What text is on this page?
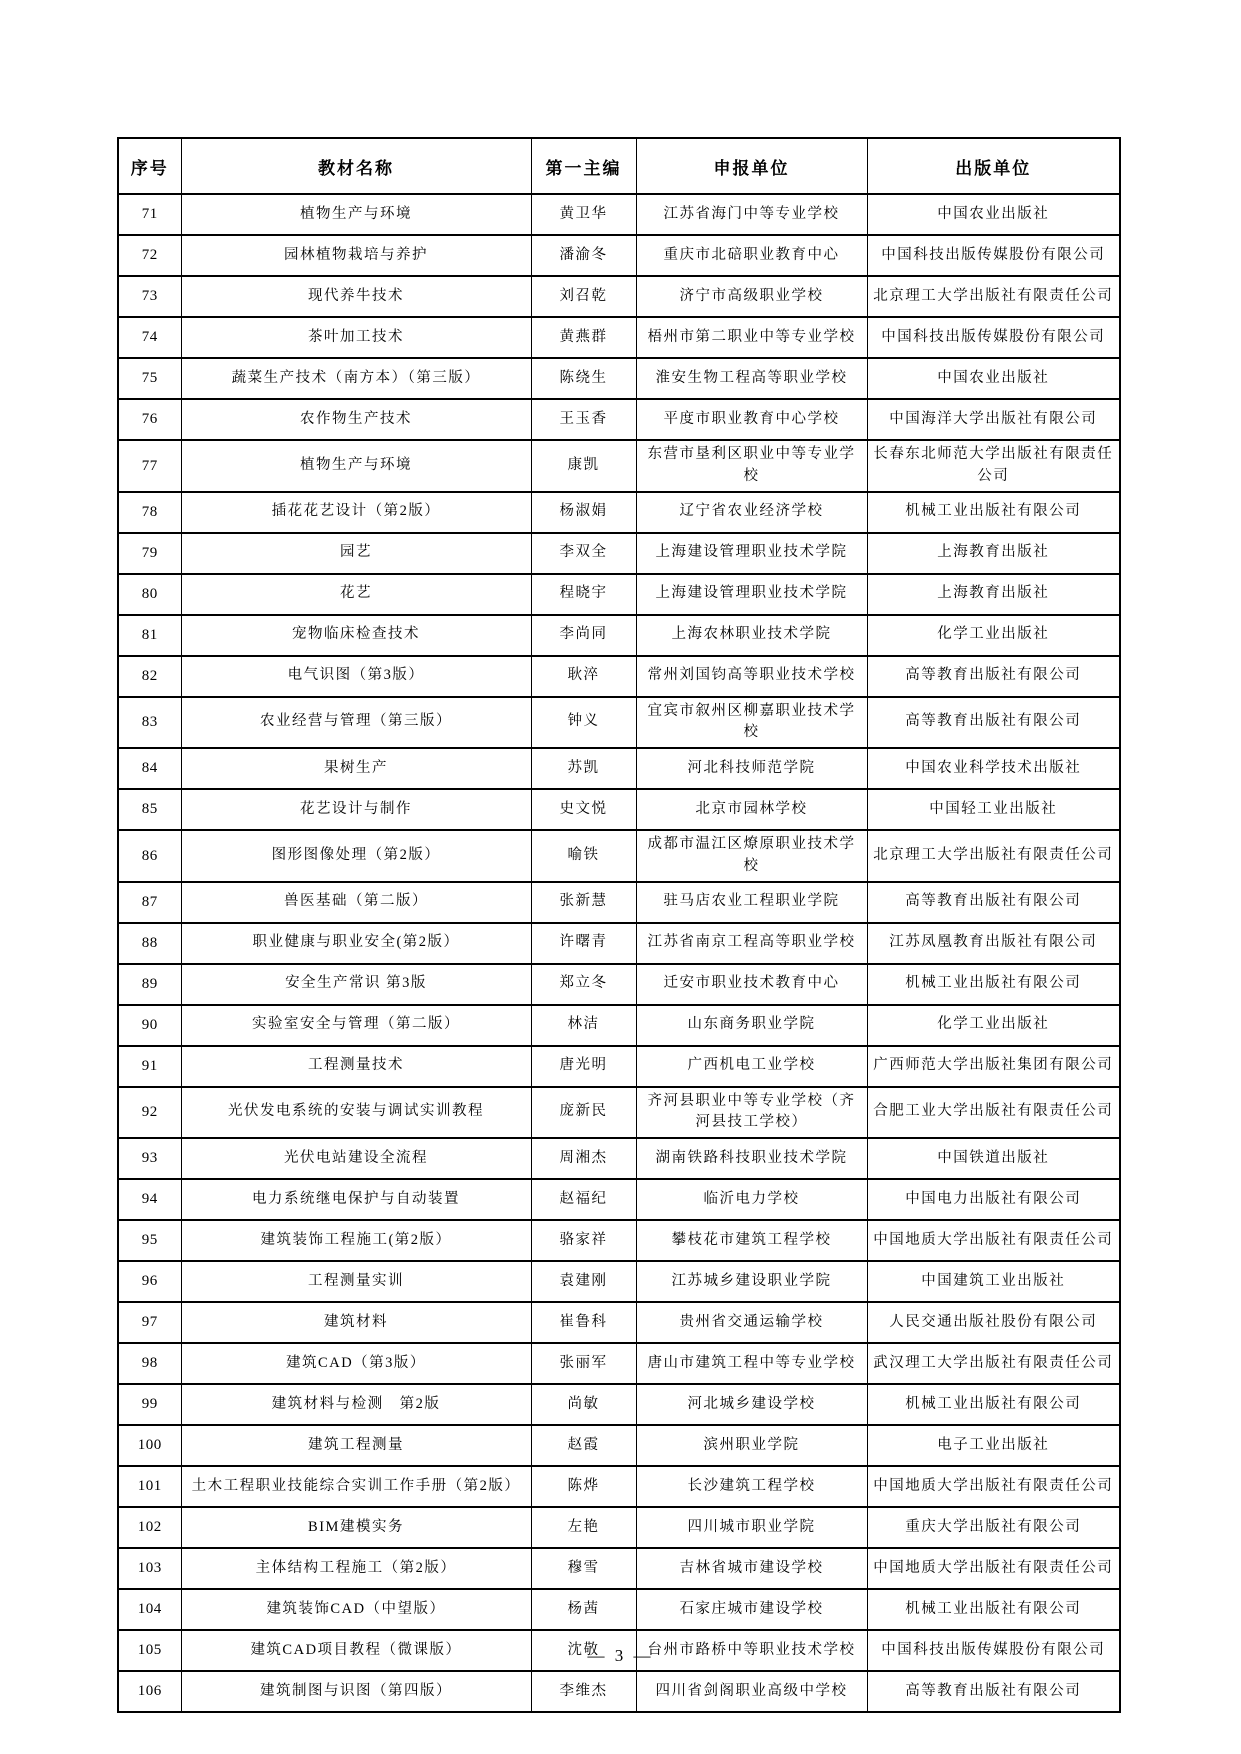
序号	教材名称	第一主编	申报单位	出版单位
71	植物生产与环境	黄卫华	江苏省海门中等专业学校	中国农业出版社
72	园林植物栽培与养护	潘渝冬	重庆市北碚职业教育中心	中国科技出版传媒股份有限公司
73	现代养牛技术	刘召乾	济宁市高级职业学校	北京理工大学出版社有限责任公司
74	茶叶加工技术	黄燕群	梧州市第二职业中等专业学校	中国科技出版传媒股份有限公司
75	蔬菜生产技术（南方本）（第三版）	陈绕生	淮安生物工程高等职业学校	中国农业出版社
76	农作物生产技术	王玉香	平度市职业教育中心学校	中国海洋大学出版社有限公司
77	植物生产与环境	康凯	东营市垦利区职业中等专业学校	长春东北师范大学出版社有限责任公司
78	插花花艺设计（第2版）	杨淑娟	辽宁省农业经济学校	机械工业出版社有限公司
79	园艺	李双全	上海建设管理职业技术学院	上海教育出版社
80	花艺	程晓宇	上海建设管理职业技术学院	上海教育出版社
81	宠物临床检查技术	李尚同	上海农林职业技术学院	化学工业出版社
82	电气识图（第3版）	耿淬	常州刘国钧高等职业技术学校	高等教育出版社有限公司
83	农业经营与管理（第三版）	钟义	宜宾市叙州区柳嘉职业技术学校	高等教育出版社有限公司
84	果树生产	苏凯	河北科技师范学院	中国农业科学技术出版社
85	花艺设计与制作	史文悦	北京市园林学校	中国轻工业出版社
86	图形图像处理（第2版）	喻铁	成都市温江区燎原职业技术学校	北京理工大学出版社有限责任公司
87	兽医基础（第二版）	张新慧	驻马店农业工程职业学院	高等教育出版社有限公司
88	职业健康与职业安全(第2版）	许曙青	江苏省南京工程高等职业学校	江苏凤凰教育出版社有限公司
89	安全生产常识 第3版	郑立冬	迁安市职业技术教育中心	机械工业出版社有限公司
90	实验室安全与管理（第二版）	林洁	山东商务职业学院	化学工业出版社
91	工程测量技术	唐光明	广西机电工业学校	广西师范大学出版社集团有限公司
92	光伏发电系统的安装与调试实训教程	庞新民	齐河县职业中等专业学校（齐河县技工学校）	合肥工业大学出版社有限责任公司
93	光伏电站建设全流程	周湘杰	湖南铁路科技职业技术学院	中国铁道出版社
94	电力系统继电保护与自动装置	赵福纪	临沂电力学校	中国电力出版社有限公司
95	建筑装饰工程施工(第2版）	骆家祥	攀枝花市建筑工程学校	中国地质大学出版社有限责任公司
96	工程测量实训	袁建刚	江苏城乡建设职业学院	中国建筑工业出版社
97	建筑材料	崔鲁科	贵州省交通运输学校	人民交通出版社股份有限公司
98	建筑CAD（第3版）	张丽军	唐山市建筑工程中等专业学校	武汉理工大学出版社有限责任公司
99	建筑材料与检测　第2版	尚敏	河北城乡建设学校	机械工业出版社有限公司
100	建筑工程测量	赵霞	滨州职业学院	电子工业出版社
101	土木工程职业技能综合实训工作手册（第2版）	陈烨	长沙建筑工程学校	中国地质大学出版社有限责任公司
102	BIM建模实务	左艳	四川城市职业学院	重庆大学出版社有限公司
103	主体结构工程施工（第2版）	穆雪	吉林省城市建设学校	中国地质大学出版社有限责任公司
104	建筑装饰CAD（中望版）	杨茜	石家庄城市建设学校	机械工业出版社有限公司
105	建筑CAD项目教程（微课版）	沈敬	台州市路桥中等职业技术学校	中国科技出版传媒股份有限公司
106	建筑制图与识图（第四版）	李维杰	四川省剑阁职业高级中学校	高等教育出版社有限公司
— 3 —
